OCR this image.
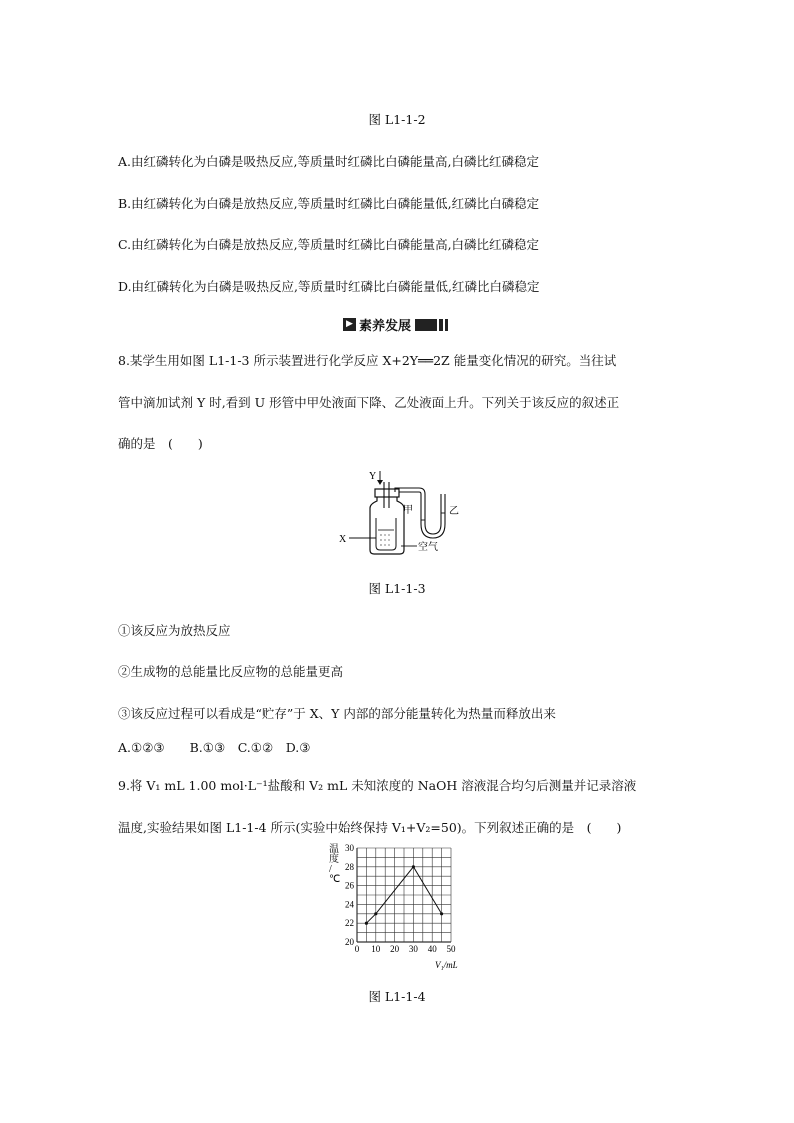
图 L1-1-2
A.由红磷转化为白磷是吸热反应,等质量时红磷比白磷能量高,白磷比红磷稳定
B.由红磷转化为白磷是放热反应,等质量时红磷比白磷能量低,红磷比白磷稳定
C.由红磷转化为白磷是放热反应,等质量时红磷比白磷能量高,白磷比红磷稳定
D.由红磷转化为白磷是吸热反应,等质量时红磷比白磷能量低,红磷比白磷稳定
▶ 素养发展
8.某学生用如图 L1-1-3 所示装置进行化学反应 X+2Y══2Z 能量变化情况的研究。当往试
管中滴加试剂 Y 时,看到 U 形管中甲处液面下降、乙处液面上升。下列关于该反应的叙述正
确的是　(　　)
Y
X
甲	乙
空气
图 L1-1-3
①该反应为放热反应
②生成物的总能量比反应物的总能量更高
③该反应过程可以看成是“贮存”于 X、Y 内部的部分能量转化为热量而释放出来
A.①②③　　B.①③　C.①②　D.③
9.将 V₁ mL 1.00 mol·L⁻¹盐酸和 V₂ mL 未知浓度的 NaOH 溶液混合均匀后测量并记录溶液
温度,实验结果如图 L1-1-4 所示(实验中始终保持 V₁+V₂=50)。下列叙述正确的是　(　　)
0 10 20 30 40 50
20
22
24
26
28
30
温度/ ℃
V₁/mL
图 L1-1-4
